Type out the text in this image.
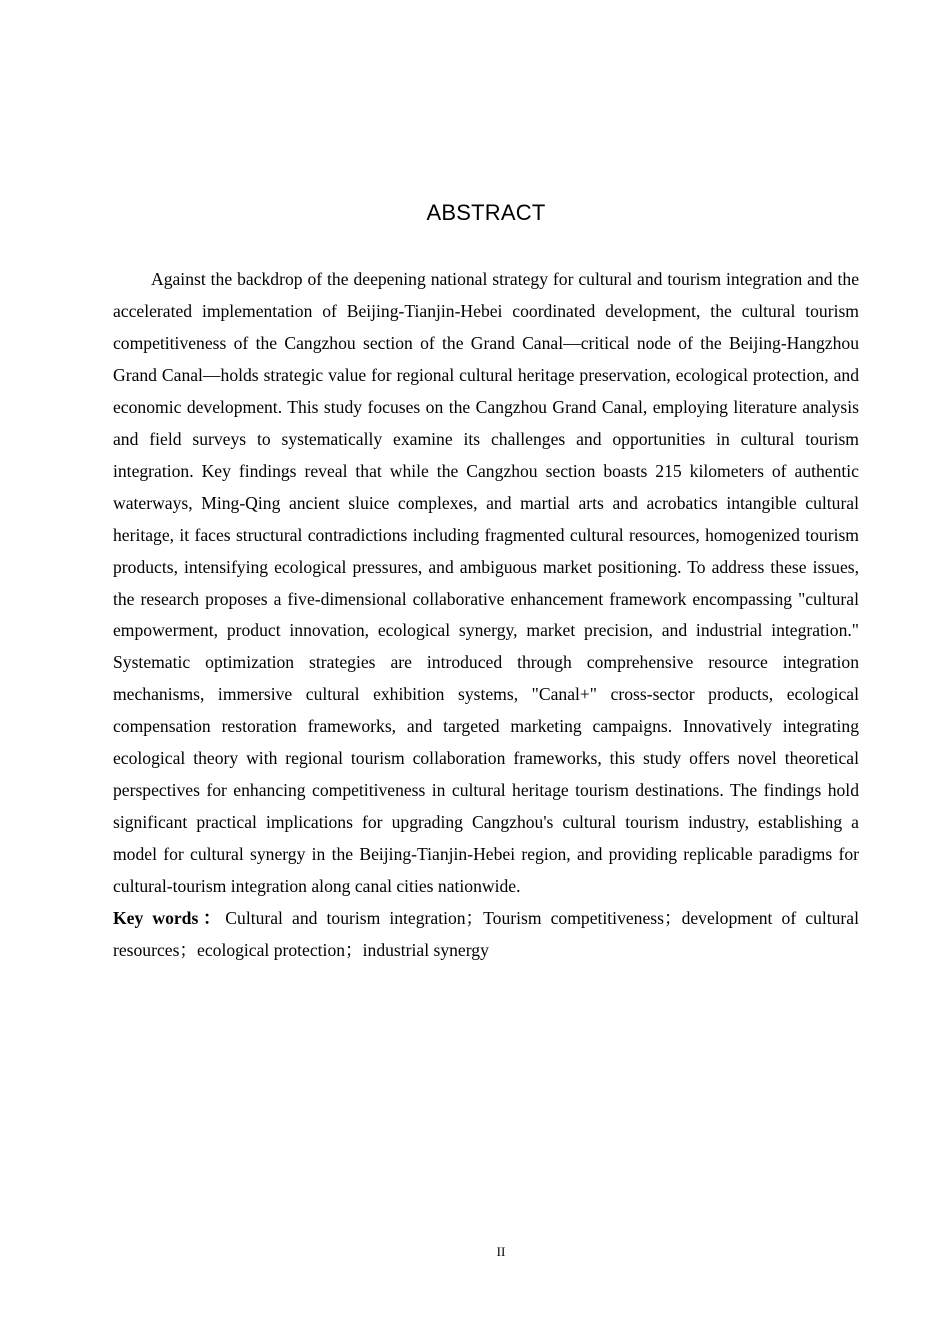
ABSTRACT

Against the backdrop of the deepening national strategy for cultural and tourism integration and the accelerated implementation of Beijing-Tianjin-Hebei coordinated development, the cultural tourism competitiveness of the Cangzhou section of the Grand Canal—critical node of the Beijing-Hangzhou Grand Canal—holds strategic value for regional cultural heritage preservation, ecological protection, and economic development. This study focuses on the Cangzhou Grand Canal, employing literature analysis and field surveys to systematically examine its challenges and opportunities in cultural tourism integration. Key findings reveal that while the Cangzhou section boasts 215 kilometers of authentic waterways, Ming-Qing ancient sluice complexes, and martial arts and acrobatics intangible cultural heritage, it faces structural contradictions including fragmented cultural resources, homogenized tourism products, intensifying ecological pressures, and ambiguous market positioning. To address these issues, the research proposes a five-dimensional collaborative enhancement framework encompassing "cultural empowerment, product innovation, ecological synergy, market precision, and industrial integration." Systematic optimization strategies are introduced through comprehensive resource integration mechanisms, immersive cultural exhibition systems, "Canal+" cross-sector products, ecological compensation restoration frameworks, and targeted marketing campaigns. Innovatively integrating ecological theory with regional tourism collaboration frameworks, this study offers novel theoretical perspectives for enhancing competitiveness in cultural heritage tourism destinations. The findings hold significant practical implications for upgrading Cangzhou's cultural tourism industry, establishing a model for cultural synergy in the Beijing-Tianjin-Hebei region, and providing replicable paradigms for cultural-tourism integration along canal cities nationwide.

Key words：Cultural and tourism integration；Tourism competitiveness；development of cultural resources；ecological protection；industrial synergy

II
